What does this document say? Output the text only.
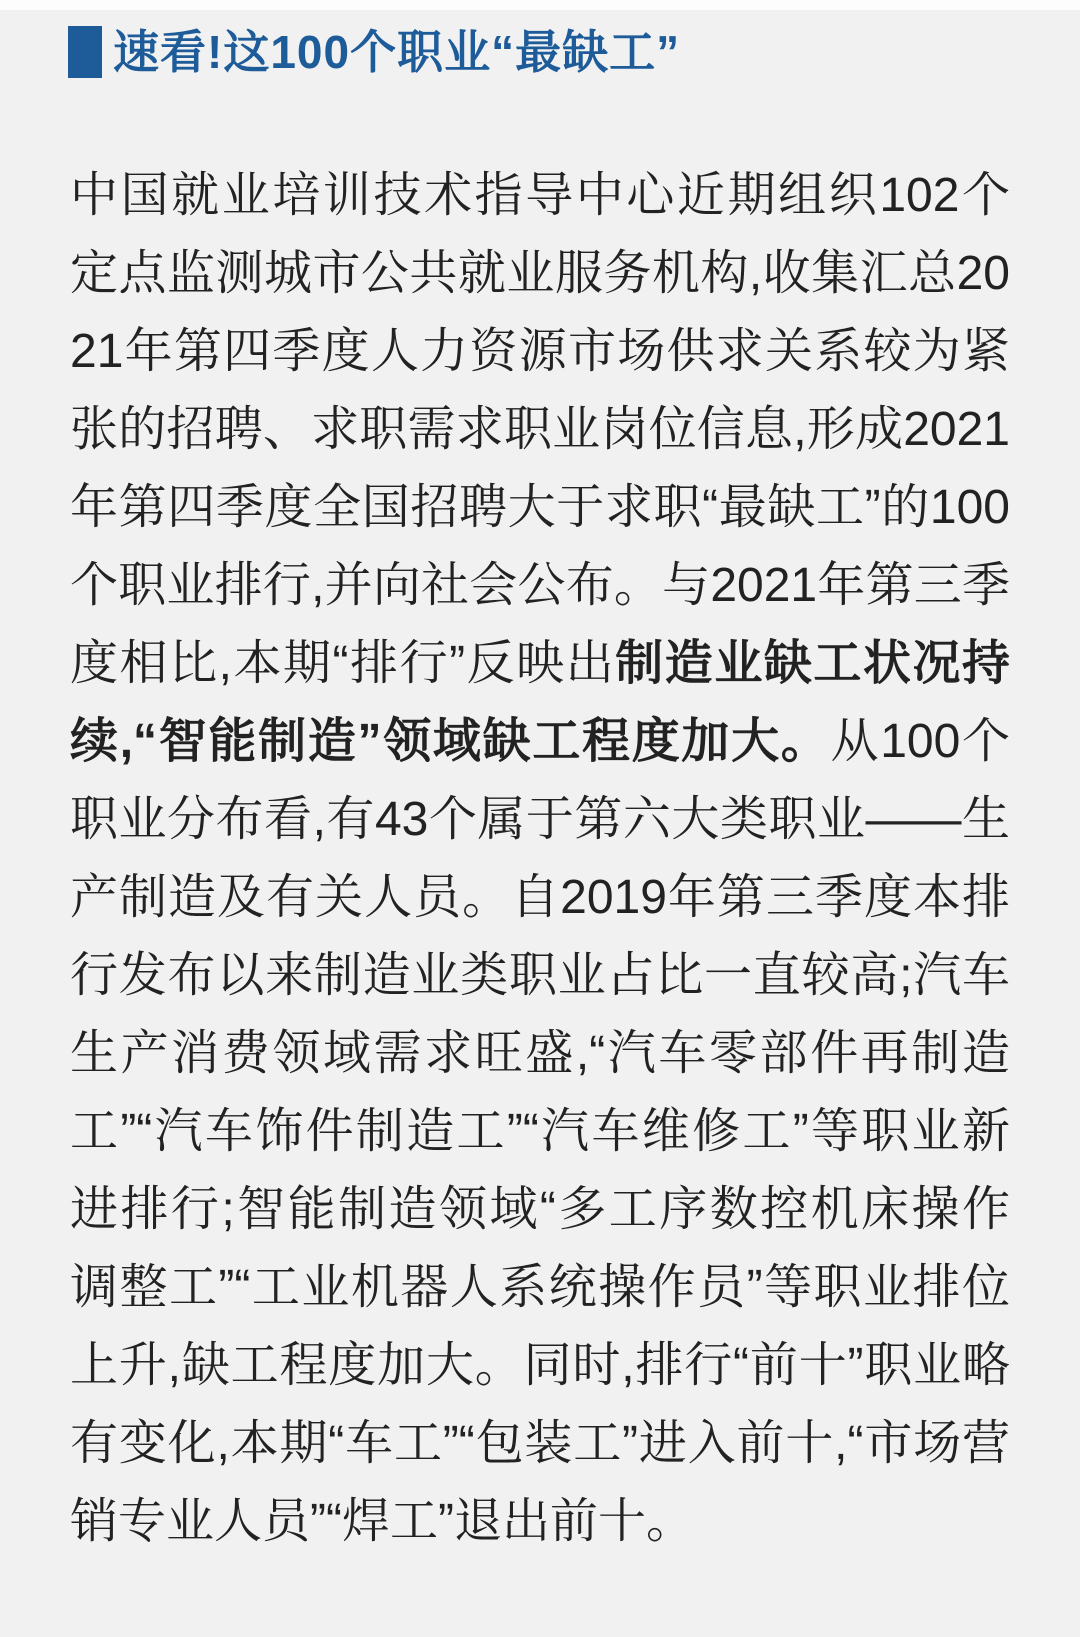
速看!这100个职业“最缺工”

中国就业培训技术指导中心近期组织102个定点监测城市公共就业服务机构,收集汇总2021年第四季度人力资源市场供求关系较为紧张的招聘、求职需求职业岗位信息,形成2021年第四季度全国招聘大于求职“最缺工”的100个职业排行,并向社会公布。与2021年第三季度相比,本期“排行”反映出制造业缺工状况持续,“智能制造”领域缺工程度加大。从100个职业分布看,有43个属于第六大类职业——生产制造及有关人员。自2019年第三季度本排行发布以来制造业类职业占比一直较高;汽车生产消费领域需求旺盛,“汽车零部件再制造工”“汽车饰件制造工”“汽车维修工”等职业新进排行;智能制造领域“多工序数控机床操作调整工”“工业机器人系统操作员”等职业排位上升,缺工程度加大。同时,排行“前十”职业略有变化,本期“车工”“包装工”进入前十,“市场营销专业人员”“焊工”退出前十。
